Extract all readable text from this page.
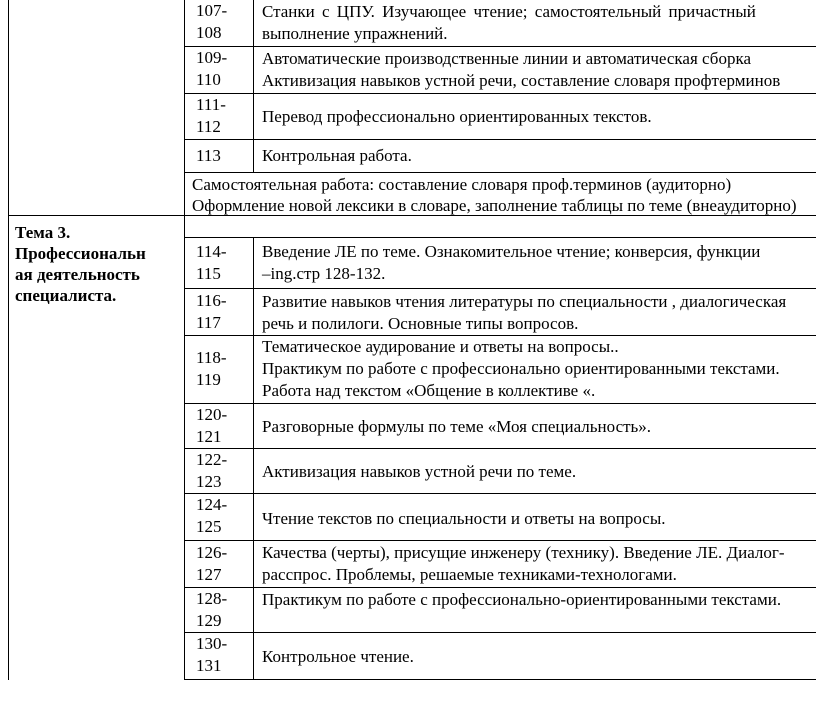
Тема 3.
Профессиональн
ая деятельность
специалиста.
107-
108
Станки с ЦПУ. Изучающее чтение; самостоятельный причастный
выполнение упражнений.
109-
110
Автоматические производственные линии и автоматическая сборка
Активизация навыков устной речи, составление словаря профтерминов
111-
112
Перевод профессионально ориентированных текстов.
113 Контрольная работа.
Самостоятельная работа: составление словаря проф.терминов (аудиторно)
Оформление новой лексики в словаре, заполнение таблицы по теме (внеаудиторно)
114-
115
Введение ЛЕ по теме. Ознакомительное чтение; конверсия, функции
–ing.стр 128-132.
116-
117
Развитие навыков чтения литературы по специальности , диалогическая
речь и полилоги. Основные типы вопросов.
118-
119
Тематическое аудирование и ответы на вопросы..
Практикум по работе с профессионально ориентированными текстами.
Работа над текстом «Общение в коллективе «.
120-
121
Разговорные формулы по теме «Моя специальность».
122-
123
Активизация навыков устной речи по теме.
124-
125 Чтение текстов по специальности и ответы на вопросы.
126-
127
Качества (черты), присущие инженеру (технику). Введение ЛЕ. Диалог-
расспрос. Проблемы, решаемые техниками-технологами.
128-
129
Практикум по работе с профессионально-ориентированными текстами.
130-
131 Контрольное чтение.
